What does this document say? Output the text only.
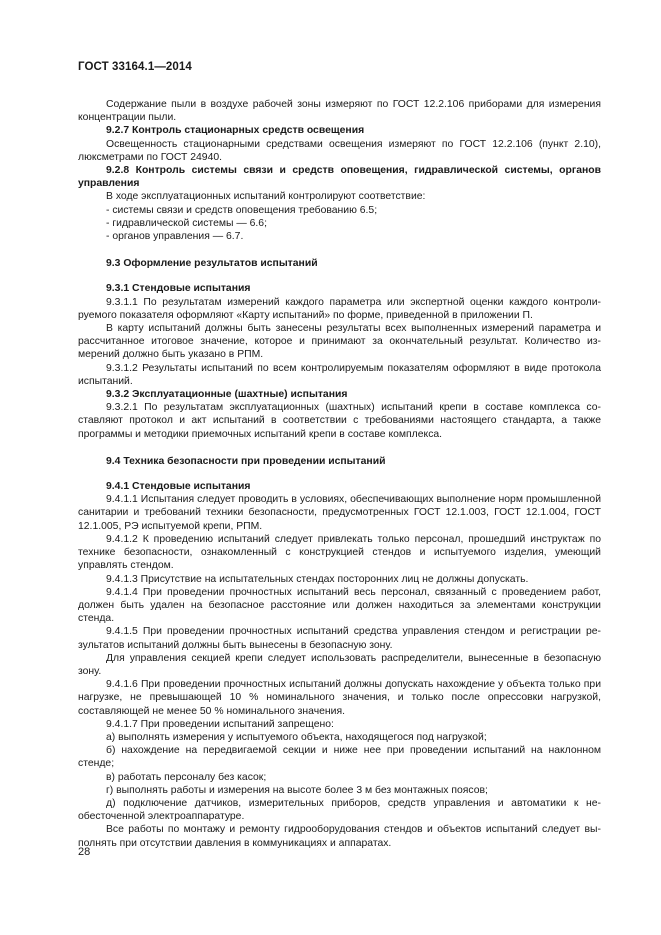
ГОСТ 33164.1—2014

Содержание пыли в воздухе рабочей зоны измеряют по ГОСТ 12.2.106 приборами для измерения концентрации пыли.

9.2.7 Контроль стационарных средств освещения

Освещенность стационарными средствами освещения измеряют по ГОСТ 12.2.106 (пункт 2.10), люксметрами по ГОСТ 24940.

9.2.8 Контроль системы связи и средств оповещения, гидравлической системы, органов управления

В ходе эксплуатационных испытаний контролируют соответствие:

- системы связи и средств оповещения требованию 6.5;

- гидравлической системы — 6.6;

- органов управления — 6.7.

9.3 Оформление результатов испытаний

9.3.1 Стендовые испытания

9.3.1.1 По результатам измерений каждого параметра или экспертной оценки каждого контролируемого показателя оформляют «Карту испытаний» по форме, приведенной в приложении П.

В карту испытаний должны быть занесены результаты всех выполненных измерений параметра и рассчитанное итоговое значение, которое и принимают за окончательный результат. Количество измерений должно быть указано в РПМ.

9.3.1.2 Результаты испытаний по всем контролируемым показателям оформляют в виде протокола испытаний.

9.3.2 Эксплуатационные (шахтные) испытания

9.3.2.1 По результатам эксплуатационных (шахтных) испытаний крепи в составе комплекса составляют протокол и акт испытаний в соответствии с требованиями настоящего стандарта, а также программы и методики приемочных испытаний крепи в составе комплекса.

9.4 Техника безопасности при проведении испытаний

9.4.1 Стендовые испытания

9.4.1.1 Испытания следует проводить в условиях, обеспечивающих выполнение норм промышленной санитарии и требований техники безопасности, предусмотренных ГОСТ 12.1.003, ГОСТ 12.1.004, ГОСТ 12.1.005, РЭ испытуемой крепи, РПМ.

9.4.1.2 К проведению испытаний следует привлекать только персонал, прошедший инструктаж по технике безопасности, ознакомленный с конструкцией стендов и испытуемого изделия, умеющий управлять стендом.

9.4.1.3 Присутствие на испытательных стендах посторонних лиц не должны допускать.

9.4.1.4 При проведении прочностных испытаний весь персонал, связанный с проведением работ, должен быть удален на безопасное расстояние или должен находиться за элементами конструкции стенда.

9.4.1.5 При проведении прочностных испытаний средства управления стендом и регистрации результатов испытаний должны быть вынесены в безопасную зону.

Для управления секцией крепи следует использовать распределители, вынесенные в безопасную зону.

9.4.1.6 При проведении прочностных испытаний должны допускать нахождение у объекта только при нагрузке, не превышающей 10 % номинального значения, и только после опрессовки нагрузкой, составляющей не менее 50 % номинального значения.

9.4.1.7 При проведении испытаний запрещено:

а) выполнять измерения у испытуемого объекта, находящегося под нагрузкой;

б) нахождение на передвигаемой секции и ниже нее при проведении испытаний на наклонном стенде;

в) работать персоналу без касок;

г) выполнять работы и измерения на высоте более 3 м без монтажных поясов;

д) подключение датчиков, измерительных приборов, средств управления и автоматики к необесточенной электроаппаратуре.

Все работы по монтажу и ремонту гидрооборудования стендов и объектов испытаний следует выполнять при отсутствии давления в коммуникациях и аппаратах.

28
